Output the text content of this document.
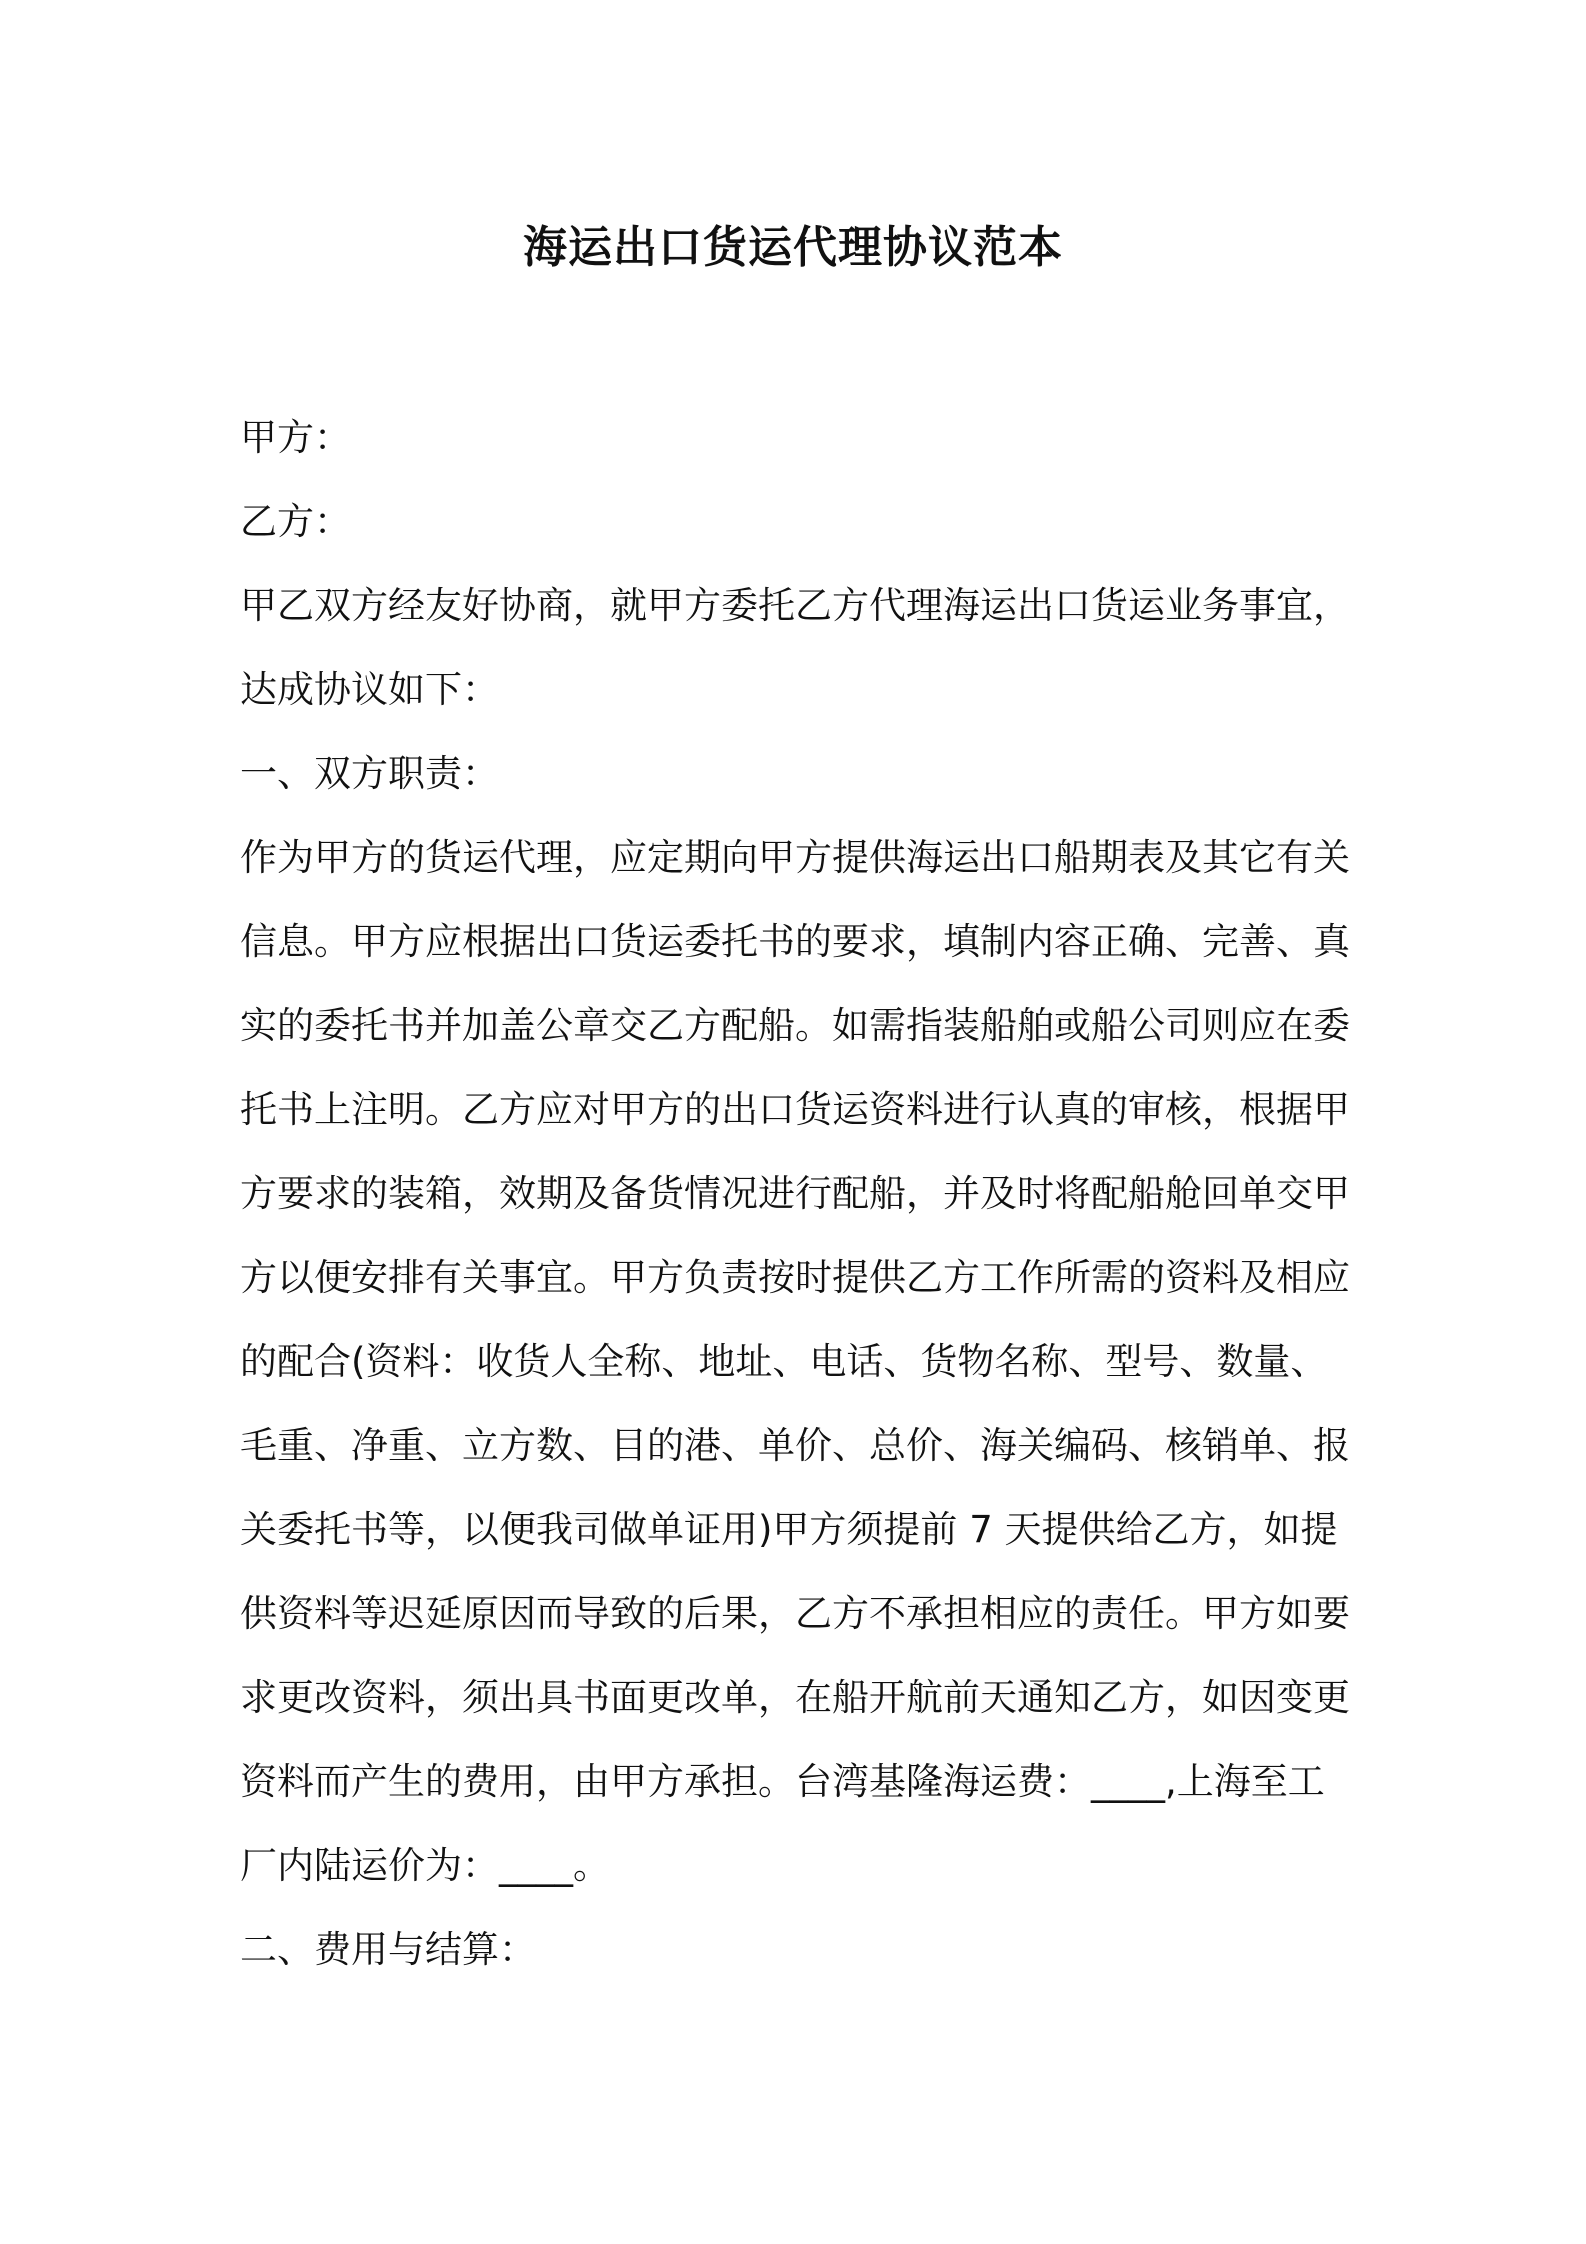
海运出口货运代理协议范本
甲方：
乙方：
甲乙双方经友好协商，就甲方委托乙方代理海运出口货运业务事宜，
达成协议如下：
一、双方职责：
作为甲方的货运代理，应定期向甲方提供海运出口船期表及其它有关
信息。甲方应根据出口货运委托书的要求，填制内容正确、完善、真
实的委托书并加盖公章交乙方配船。如需指装船舶或船公司则应在委
托书上注明。乙方应对甲方的出口货运资料进行认真的审核，根据甲
方要求的装箱，效期及备货情况进行配船，并及时将配船舱回单交甲
方以便安排有关事宜。甲方负责按时提供乙方工作所需的资料及相应
的配合(资料：收货人全称、地址、电话、货物名称、型号、数量、
毛重、净重、立方数、目的港、单价、总价、海关编码、核销单、报
关委托书等，以便我司做单证用)甲方须提前 7 天提供给乙方，如提
供资料等迟延原因而导致的后果，乙方不承担相应的责任。甲方如要
求更改资料，须出具书面更改单，在船开航前天通知乙方，如因变更
资料而产生的费用，由甲方承担。台湾基隆海运费：____,上海至工
厂内陆运价为：____。
二、费用与结算：
